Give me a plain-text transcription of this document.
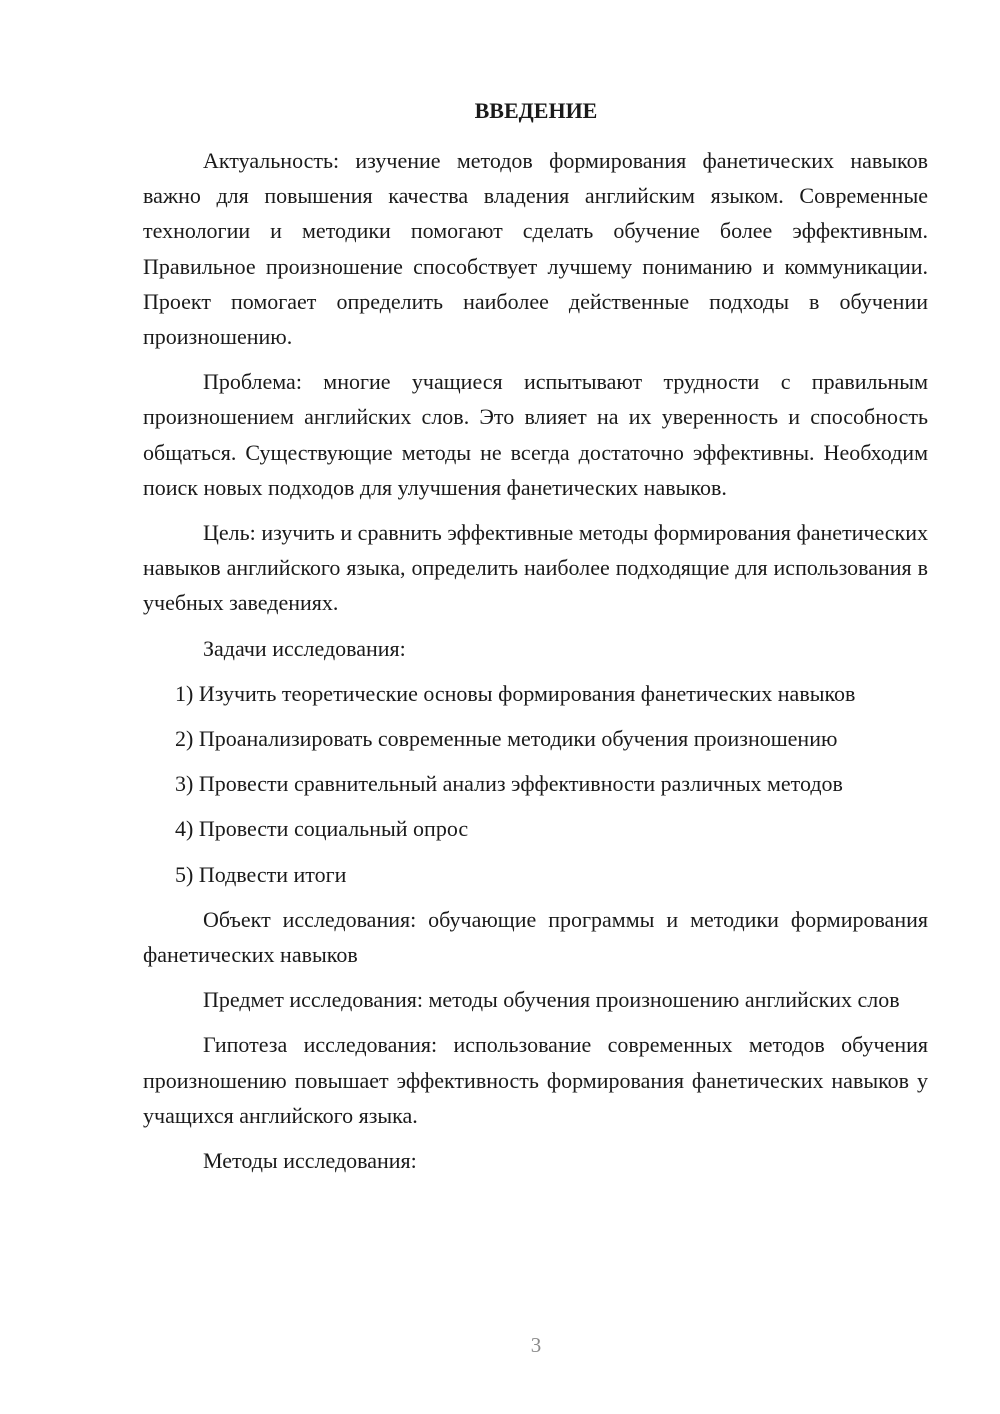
ВВЕДЕНИЕ

Актуальность: изучение методов формирования фанетических навыков важно для повышения качества владения английским языком. Современные технологии и методики помогают сделать обучение более эффективным. Правильное произношение способствует лучшему пониманию и коммуникации. Проект помогает определить наиболее действенные подходы в обучении произношению.

Проблема: многие учащиеся испытывают трудности с правильным произношением английских слов. Это влияет на их уверенность и способность общаться. Существующие методы не всегда достаточно эффективны. Необходим поиск новых подходов для улучшения фанетических навыков.

Цель: изучить и сравнить эффективные методы формирования фанетических навыков английского языка, определить наиболее подходящие для использования в учебных заведениях.

Задачи исследования:

1) Изучить теоретические основы формирования фанетических навыков

2) Проанализировать современные методики обучения произношению

3) Провести сравнительный анализ эффективности различных методов

4) Провести социальный опрос

5) Подвести итоги

Объект исследования: обучающие программы и методики формирования фанетических навыков

Предмет исследования: методы обучения произношению английских слов

Гипотеза исследования: использование современных методов обучения произношению повышает эффективность формирования фанетических навыков у учащихся английского языка.

Методы исследования:

3
